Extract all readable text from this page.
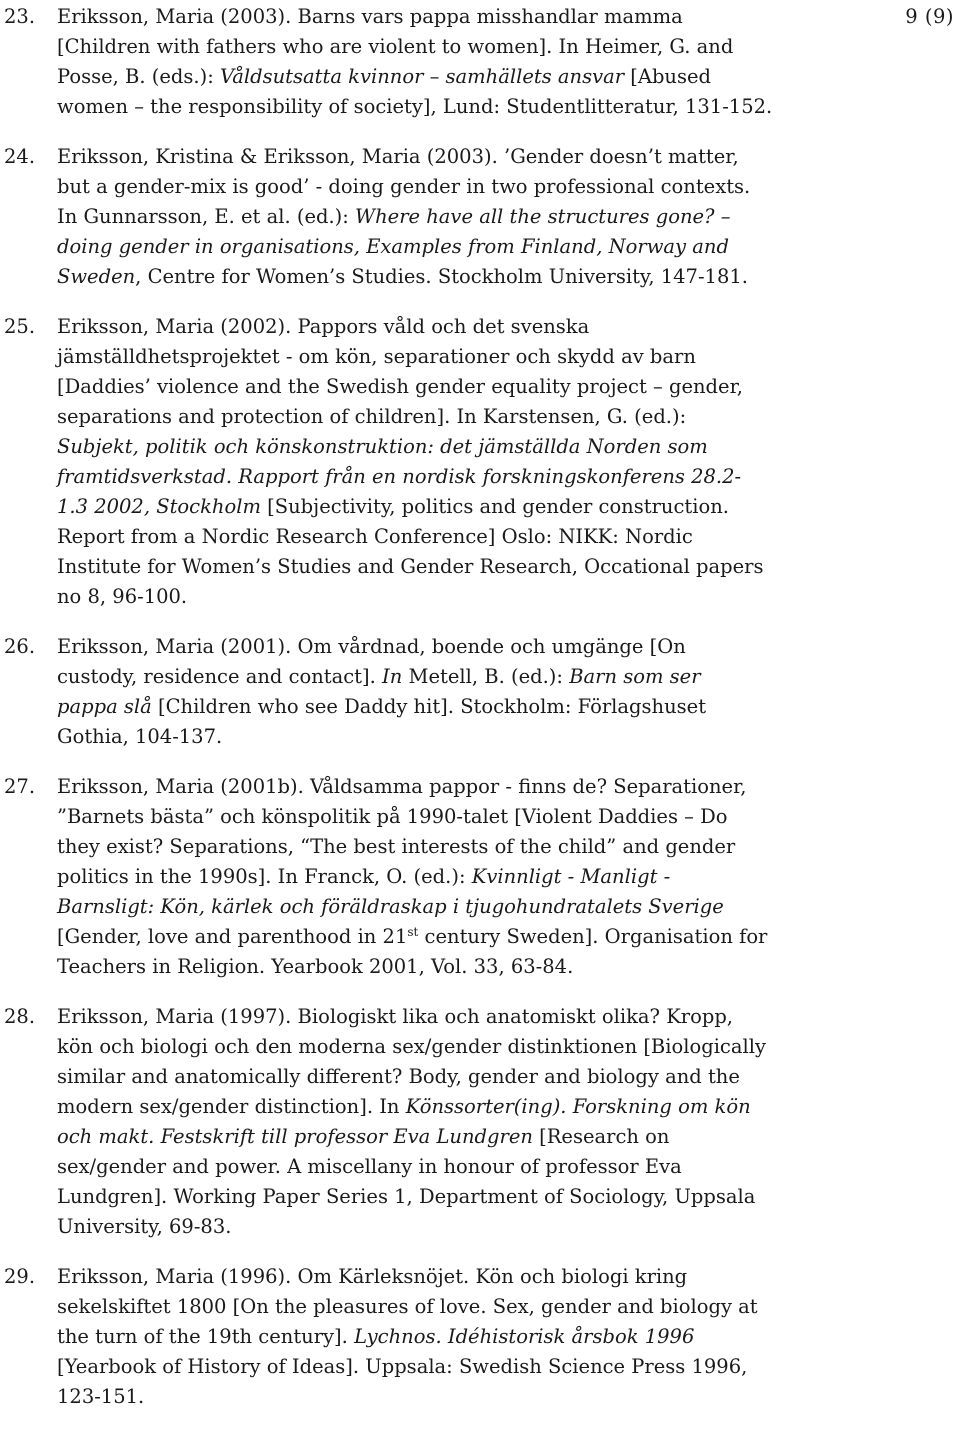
9 (9)
23.	Eriksson, Maria (2003). Barns vars pappa misshandlar mamma
[Children with fathers who are violent to women]. In Heimer, G. and
Posse, B. (eds.): Våldsutsatta kvinnor – samhällets ansvar [Abused
women – the responsibility of society], Lund: Studentlitteratur, 131-152.
24.	Eriksson, Kristina & Eriksson, Maria (2003). ’Gender doesn’t matter,
but a gender-mix is good’ - doing gender in two professional contexts.
In Gunnarsson, E. et al. (ed.): Where have all the structures gone? –
doing gender in organisations, Examples from Finland, Norway and
Sweden, Centre for Women’s Studies. Stockholm University, 147-181.
25.	Eriksson, Maria (2002). Pappors våld och det svenska
jämställdhetsprojektet - om kön, separationer och skydd av barn
[Daddies’ violence and the Swedish gender equality project – gender,
separations and protection of children]. In Karstensen, G. (ed.):
Subjekt, politik och könskonstruktion: det jämställda Norden som
framtidsverkstad. Rapport från en nordisk forskningskonferens 28.2-
1.3 2002, Stockholm [Subjectivity, politics and gender construction.
Report from a Nordic Research Conference] Oslo: NIKK: Nordic
Institute for Women’s Studies and Gender Research, Occational papers
no 8, 96-100.
26.	Eriksson, Maria (2001). Om vårdnad, boende och umgänge [On
custody, residence and contact]. In Metell, B. (ed.): Barn som ser
pappa slå [Children who see Daddy hit]. Stockholm: Förlagshuset
Gothia, 104-137.
27.	Eriksson, Maria (2001b). Våldsamma pappor - finns de? Separationer,
”Barnets bästa” och könspolitik på 1990-talet [Violent Daddies – Do
they exist? Separations, “The best interests of the child” and gender
politics in the 1990s]. In Franck, O. (ed.): Kvinnligt - Manligt -
Barnsligt: Kön, kärlek och föräldraskap i tjugohundratalets Sverige
[Gender, love and parenthood in 21st century Sweden]. Organisation for
Teachers in Religion. Yearbook 2001, Vol. 33, 63-84.
28.	Eriksson, Maria (1997). Biologiskt lika och anatomiskt olika? Kropp,
kön och biologi och den moderna sex/gender distinktionen [Biologically
similar and anatomically different? Body, gender and biology and the
modern sex/gender distinction]. In Könssorter(ing). Forskning om kön
och makt. Festskrift till professor Eva Lundgren [Research on
sex/gender and power. A miscellany in honour of professor Eva
Lundgren]. Working Paper Series 1, Department of Sociology, Uppsala
University, 69-83.
29.	Eriksson, Maria (1996). Om Kärleksnöjet. Kön och biologi kring
sekelskiftet 1800 [On the pleasures of love. Sex, gender and biology at
the turn of the 19th century]. Lychnos. Idéhistorisk årsbok 1996
[Yearbook of History of Ideas]. Uppsala: Swedish Science Press 1996,
123-151.
